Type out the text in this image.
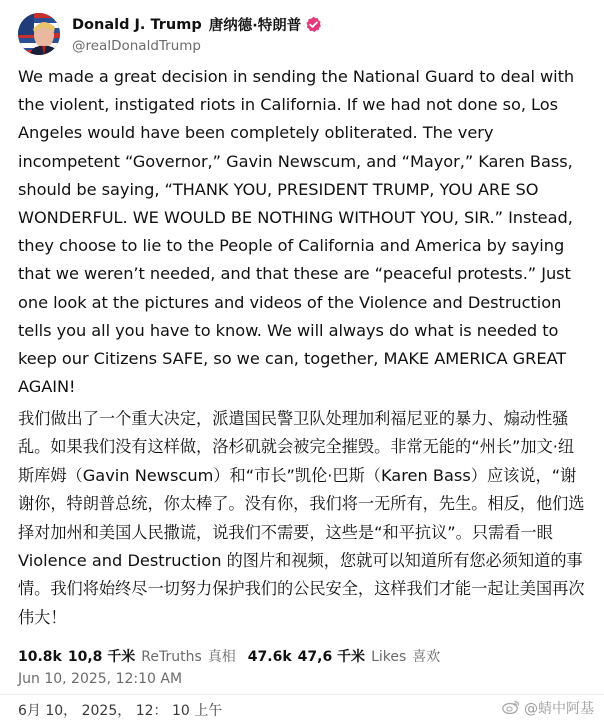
Donald J. Trump 唐纳德·特朗普
@realDonaldTrump
We made a great decision in sending the National Guard to deal with the violent, instigated riots in California. If we had not done so, Los Angeles would have been completely obliterated. The very incompetent “Governor,” Gavin Newscum, and “Mayor,” Karen Bass, should be saying, “THANK YOU, PRESIDENT TRUMP, YOU ARE SO WONDERFUL. WE WOULD BE NOTHING WITHOUT YOU, SIR.” Instead, they choose to lie to the People of California and America by saying that we weren’t needed, and that these are “peaceful protests.” Just one look at the pictures and videos of the Violence and Destruction tells you all you have to know. We will always do what is needed to keep our Citizens SAFE, so we can, together, MAKE AMERICA GREAT AGAIN!
我们做出了一个重大决定，派遣国民警卫队处理加利福尼亚的暴力、煽动性骚乱。如果我们没有这样做，洛杉矶就会被完全摧毁。非常无能的“州长”加文·纽斯库姆（Gavin Newscum）和“市长”凯伦·巴斯（Karen Bass）应该说，“谢谢你，特朗普总统，你太棒了。没有你，我们将一无所有，先生。相反，他们选择对加州和美国人民撒谎，说我们不需要，这些是“和平抗议”。只需看一眼 Violence and Destruction 的图片和视频，您就可以知道所有您必须知道的事情。我们将始终尽一切努力保护我们的公民安全，这样我们才能一起让美国再次伟大！
10.8k 10,8 千米 ReTruths 真相 47.6k 47,6 千米 Likes 喜欢
Jun 10, 2025, 12:10 AM
6月 10， 2025， 12： 10 上午	@蜻中阿基
